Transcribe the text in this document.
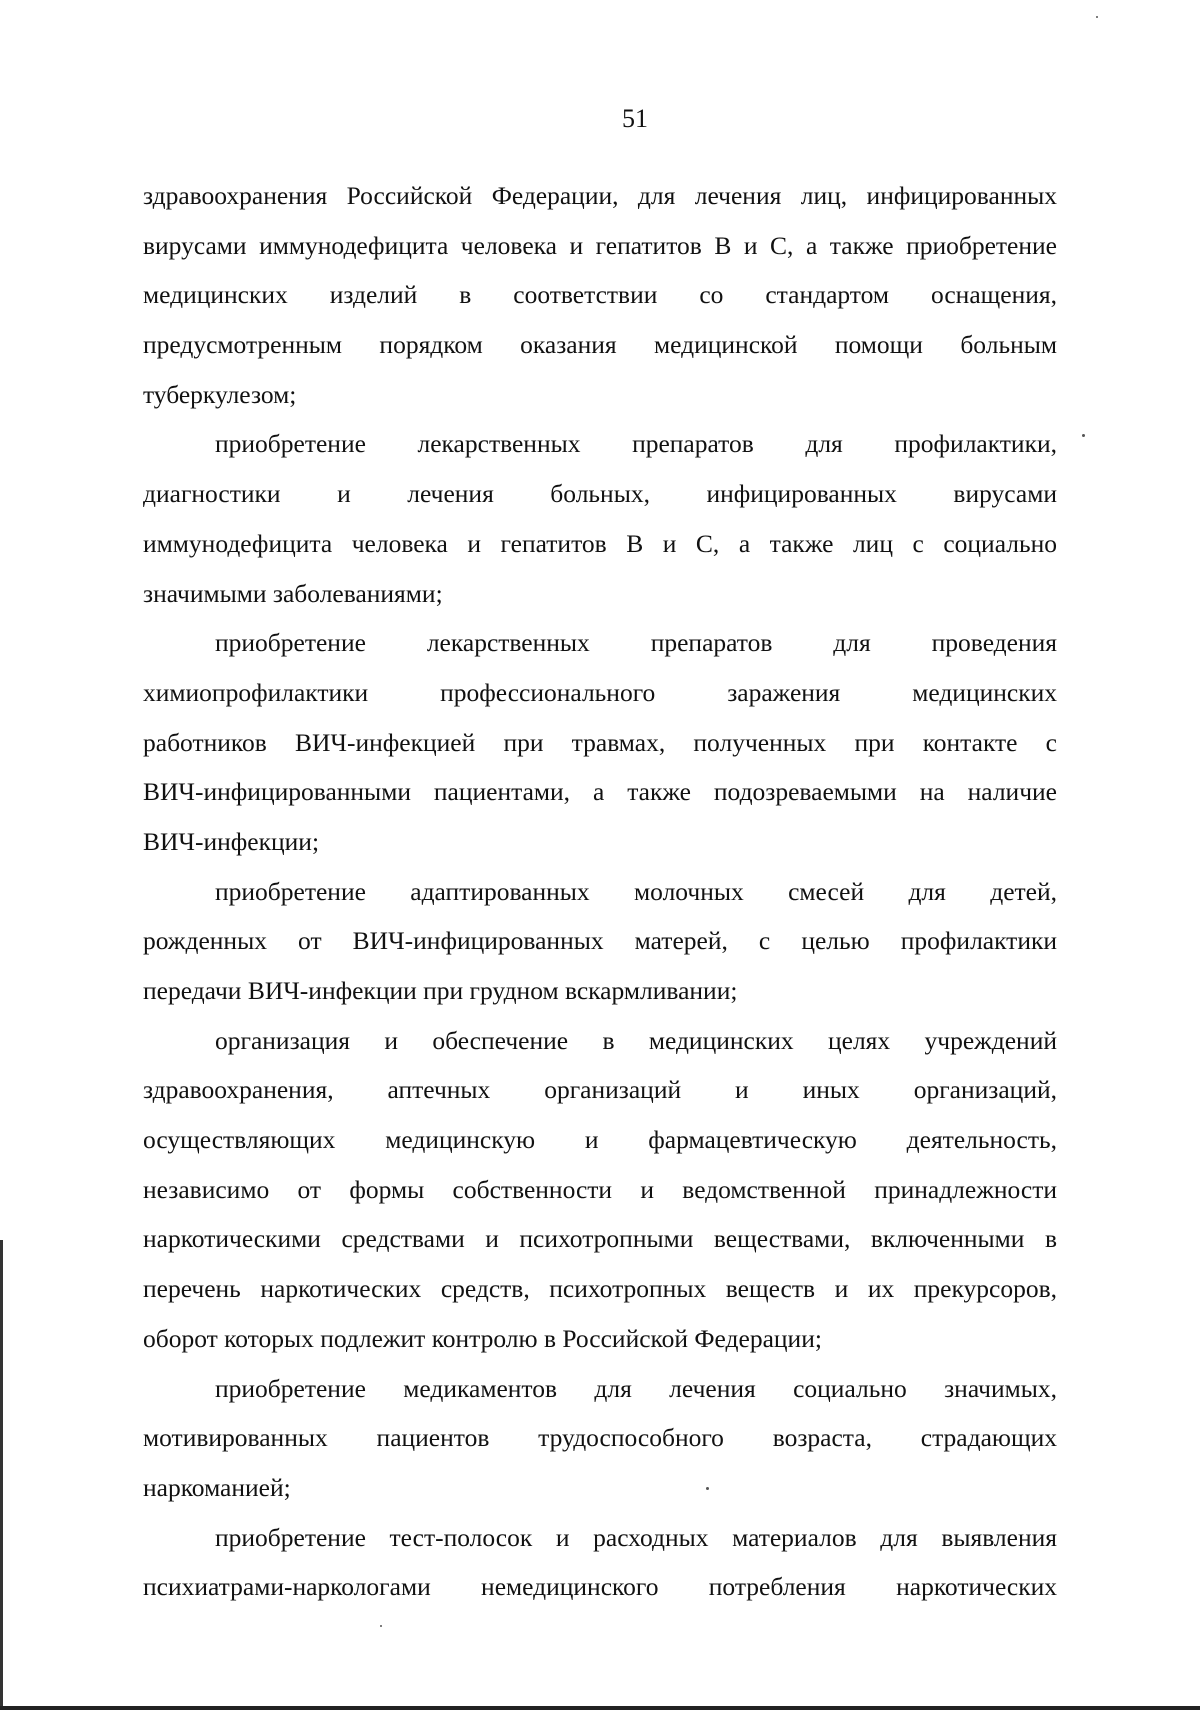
51
здравоохранения Российской Федерации, для лечения лиц, инфицированных
вирусами иммунодефицита человека и гепатитов B и C, а также приобретение
медицинских изделий в соответствии со стандартом оснащения,
предусмотренным порядком оказания медицинской помощи больным
туберкулезом;
приобретение лекарственных препаратов для профилактики,
диагностики и лечения больных, инфицированных вирусами
иммунодефицита человека и гепатитов B и C, а также лиц с социально
значимыми заболеваниями;
приобретение лекарственных препаратов для проведения
химиопрофилактики профессионального заражения медицинских
работников ВИЧ-инфекцией при травмах, полученных при контакте с
ВИЧ-инфицированными пациентами, а также подозреваемыми на наличие
ВИЧ-инфекции;
приобретение адаптированных молочных смесей для детей,
рожденных от ВИЧ-инфицированных матерей, с целью профилактики
передачи ВИЧ-инфекции при грудном вскармливании;
организация и обеспечение в медицинских целях учреждений
здравоохранения, аптечных организаций и иных организаций,
осуществляющих медицинскую и фармацевтическую деятельность,
независимо от формы собственности и ведомственной принадлежности
наркотическими средствами и психотропными веществами, включенными в
перечень наркотических средств, психотропных веществ и их прекурсоров,
оборот которых подлежит контролю в Российской Федерации;
приобретение медикаментов для лечения социально значимых,
мотивированных пациентов трудоспособного возраста, страдающих
наркоманией;
приобретение тест-полосок и расходных материалов для выявления
психиатрами-наркологами немедицинского потребления наркотических
